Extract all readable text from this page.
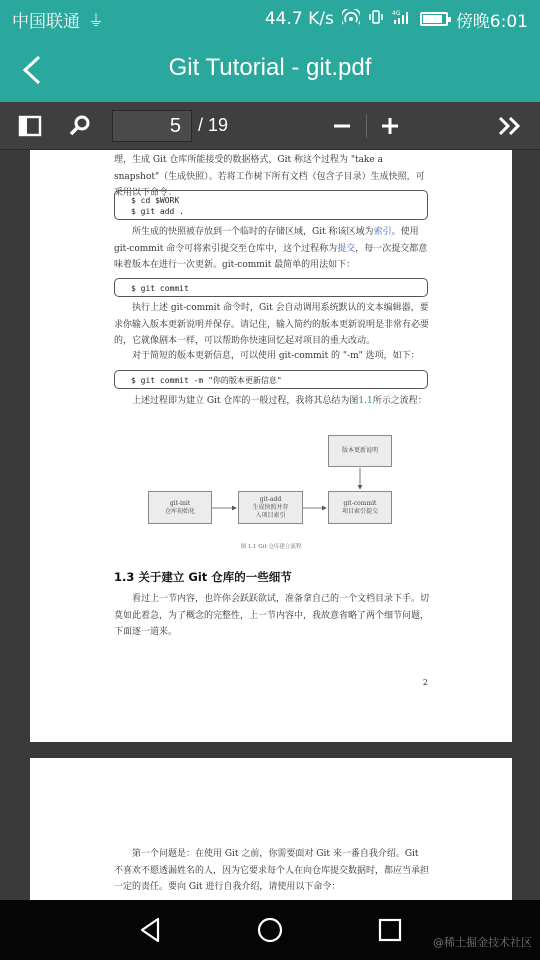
中国联通 ⏚	44.7 K/s	4G	傍晚6:01
Git Tutorial - git.pdf
5 / 19
理，生成 Git 仓库所能接受的数据格式，Git 称这个过程为 "take a snapshot"（生成快照）。若将工作树下所有文档（包含子目录）生成快照，可采用以下命令：
$ cd $WORK
$ git add .
所生成的快照被存放到一个临时的存储区域，Git 称该区域为索引。使用 git-commit 命令可将索引提交至仓库中，这个过程称为提交，每一次提交都意味着版本在进行一次更新。git-commit 最简单的用法如下：
$ git commit
执行上述 git-commit 命令时，Git 会自动调用系统默认的文本编辑器，要求你输入版本更新说明并保存。请记住，输入简约的版本更新说明是非常有必要的，它就像剧本一样，可以帮助你快速回忆起对项目的重大改动。
对于简短的版本更新信息，可以使用 git-commit 的 "-m" 选项，如下：
$ git commit -m "你的版本更新信息"
上述过程即为建立 Git 仓库的一般过程，我将其总结为图1.1所示之流程：
版本更新说明
git-init
仓库初始化
git-add
生成快照并存
入项目索引
git-commit
项目索引提交
图 1.1 Git 仓库建立流程
1.3 关于建立 Git 仓库的一些细节
看过上一节内容，也许你会跃跃欲试，准备拿自己的一个文档目录下手。切莫如此着急，为了概念的完整性，上一节内容中，我故意省略了两个细节问题，下面逐一道来。
2
第一个问题是：在使用 Git 之前，你需要面对 Git 来一番自我介绍。Git 不喜欢不愿透漏姓名的人，因为它要求每个人在向仓库提交数据时，都应当承担一定的责任。要向 Git 进行自我介绍，请使用以下命令：
@稀土掘金技术社区
